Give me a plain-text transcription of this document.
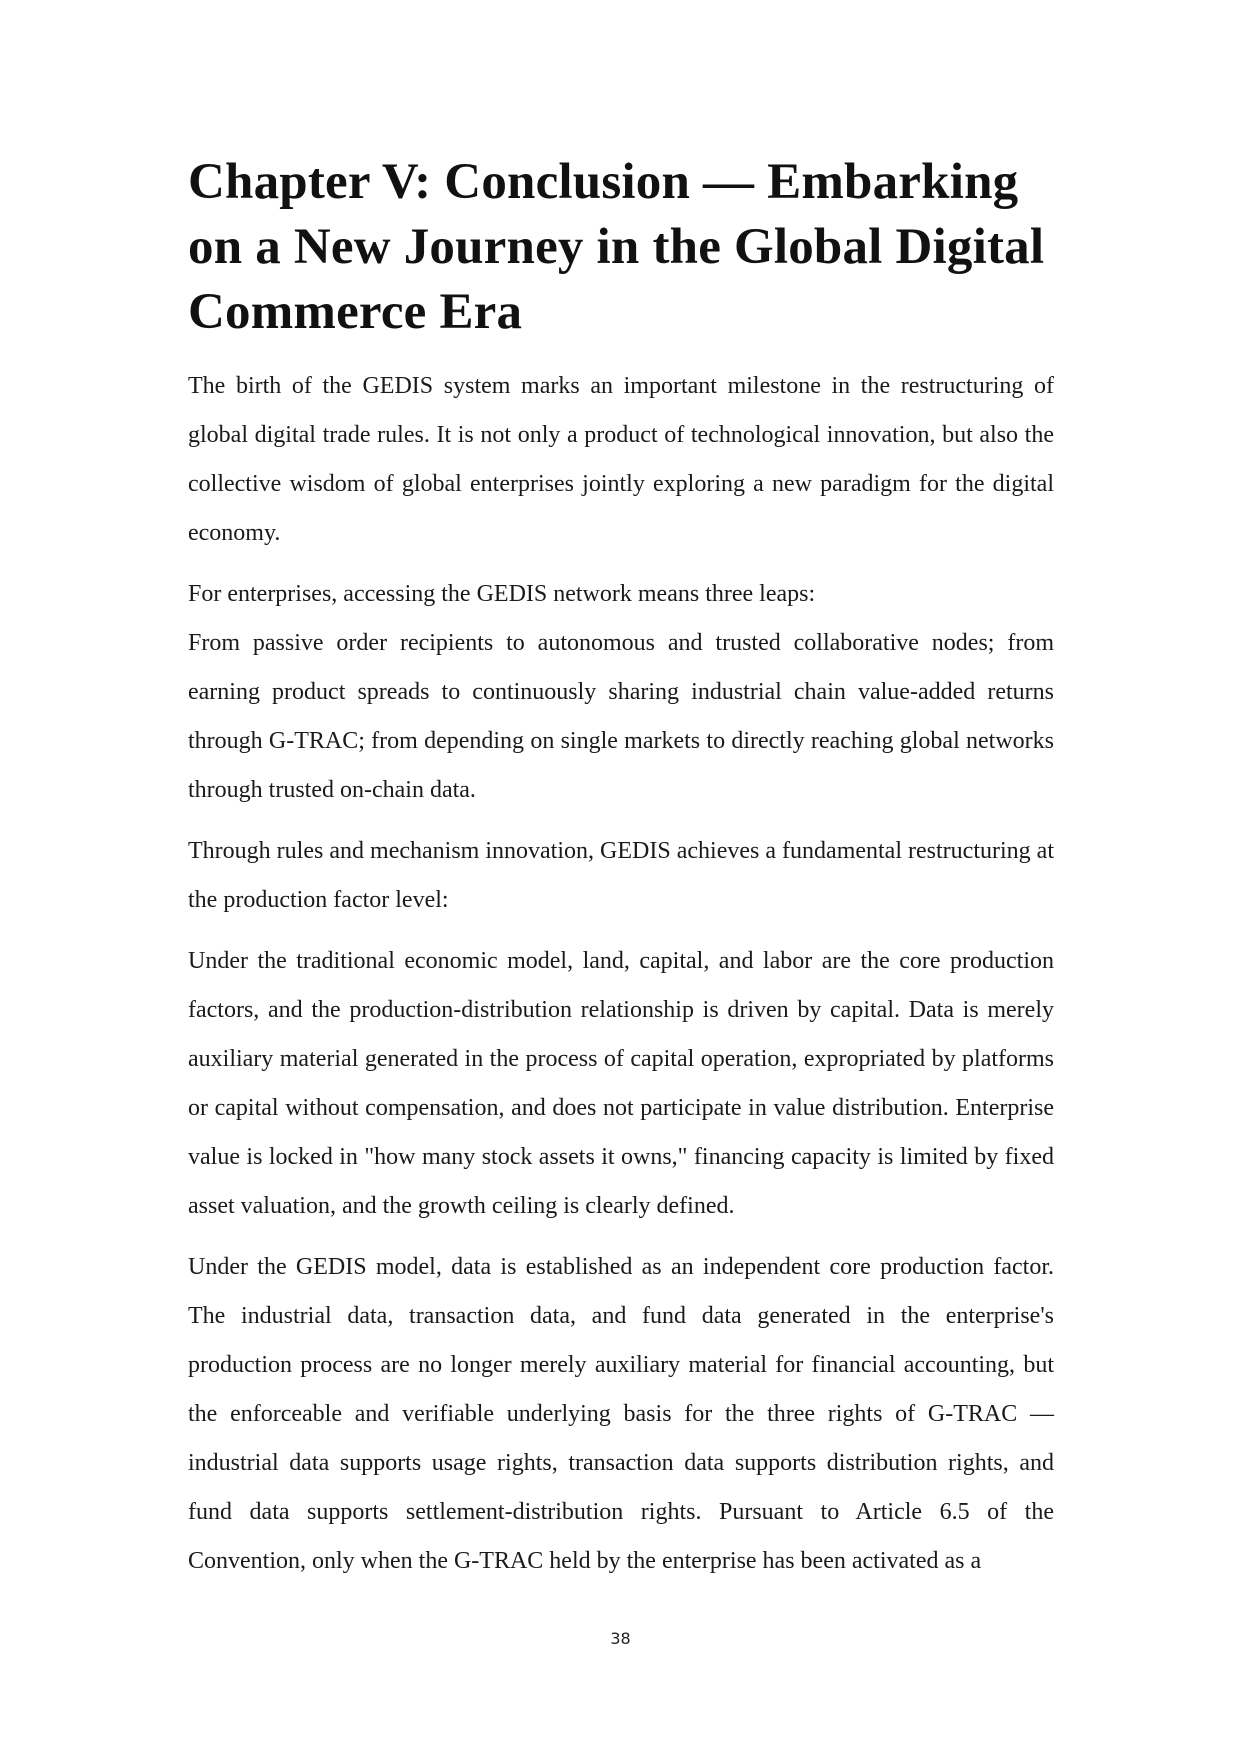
Chapter V: Conclusion — Embarking on a New Journey in the Global Digital Commerce Era

The birth of the GEDIS system marks an important milestone in the restructuring of global digital trade rules. It is not only a product of technological innovation, but also the collective wisdom of global enterprises jointly exploring a new paradigm for the digital economy.

For enterprises, accessing the GEDIS network means three leaps:

From passive order recipients to autonomous and trusted collaborative nodes; from earning product spreads to continuously sharing industrial chain value-added returns through G-TRAC; from depending on single markets to directly reaching global networks through trusted on-chain data.

Through rules and mechanism innovation, GEDIS achieves a fundamental restructuring at the production factor level:

Under the traditional economic model, land, capital, and labor are the core production factors, and the production-distribution relationship is driven by capital. Data is merely auxiliary material generated in the process of capital operation, expropriated by platforms or capital without compensation, and does not participate in value distribution. Enterprise value is locked in "how many stock assets it owns," financing capacity is limited by fixed asset valuation, and the growth ceiling is clearly defined.

Under the GEDIS model, data is established as an independent core production factor. The industrial data, transaction data, and fund data generated in the enterprise's production process are no longer merely auxiliary material for financial accounting, but the enforceable and verifiable underlying basis for the three rights of G-TRAC — industrial data supports usage rights, transaction data supports distribution rights, and fund data supports settlement-distribution rights. Pursuant to Article 6.5 of the Convention, only when the G-TRAC held by the enterprise has been activated as a

38
